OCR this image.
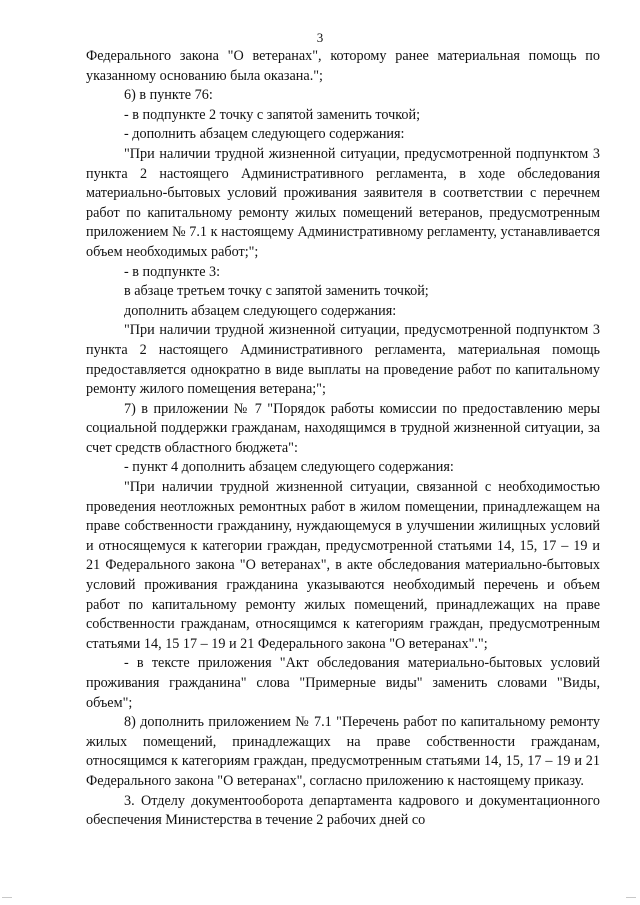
3

Федерального закона "О ветеранах", которому ранее материальная помощь по указанному основанию была оказана.";

6) в пункте 76:

- в подпункте 2 точку с запятой заменить точкой;

- дополнить абзацем следующего содержания:

"При наличии трудной жизненной ситуации, предусмотренной подпунктом 3 пункта 2 настоящего Административного регламента, в ходе обследования материально-бытовых условий проживания заявителя в соответствии с перечнем работ по капитальному ремонту жилых помещений ветеранов, предусмотренным приложением № 7.1 к настоящему Административному регламенту, устанавливается объем необходимых работ;";

- в подпункте 3:

в абзаце третьем точку с запятой заменить точкой;

дополнить абзацем следующего содержания:

"При наличии трудной жизненной ситуации, предусмотренной подпунктом 3 пункта 2 настоящего Административного регламента, материальная помощь предоставляется однократно в виде выплаты на проведение работ по капитальному ремонту жилого помещения ветерана;";

7) в приложении № 7 "Порядок работы комиссии по предоставлению меры социальной поддержки гражданам, находящимся в трудной жизненной ситуации, за счет средств областного бюджета":

- пункт 4 дополнить абзацем следующего содержания:

"При наличии трудной жизненной ситуации, связанной с необходимостью проведения неотложных ремонтных работ в жилом помещении, принадлежащем на праве собственности гражданину, нуждающемуся в улучшении жилищных условий и относящемуся к категории граждан, предусмотренной статьями 14, 15, 17 – 19 и 21 Федерального закона "О ветеранах", в акте обследования материально-бытовых условий проживания гражданина указываются необходимый перечень и объем работ по капитальному ремонту жилых помещений, принадлежащих на праве собственности гражданам, относящимся к категориям граждан, предусмотренным статьями 14, 15 17 – 19 и 21 Федерального закона "О ветеранах".";

- в тексте приложения "Акт обследования материально-бытовых условий проживания гражданина" слова "Примерные виды" заменить словами "Виды, объем";

8) дополнить приложением № 7.1 "Перечень работ по капитальному ремонту жилых помещений, принадлежащих на праве собственности гражданам, относящимся к категориям граждан, предусмотренным статьями 14, 15, 17 – 19 и 21 Федерального закона "О ветеранах", согласно приложению к настоящему приказу.

3. Отделу документооборота департамента кадрового и документационного обеспечения Министерства в течение 2 рабочих дней со
